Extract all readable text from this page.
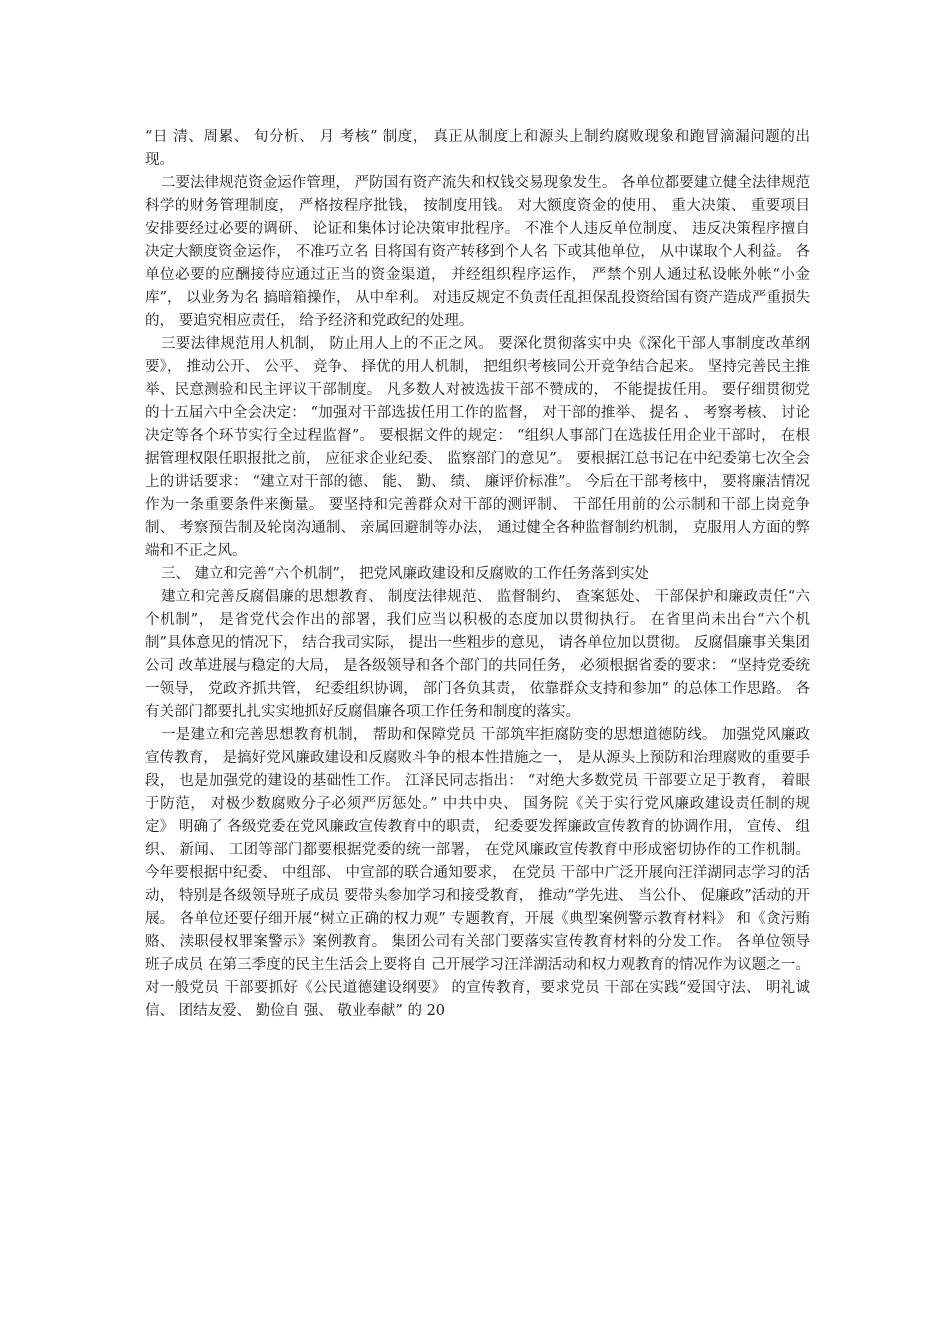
“日 清、周累、 旬分析、 月 考核” 制度， 真正从制度上和源头上制约腐败现象和跑冒滴漏问题的出现。

二要法律规范资金运作管理， 严防国有资产流失和权钱交易现象发生。 各单位都要建立健全法律规范科学的财务管理制度， 严格按程序批钱， 按制度用钱。 对大额度资金的使用、 重大决策、 重要项目 安排要经过必要的调研、 论证和集体讨论决策审批程序。 不准个人违反单位制度、 违反决策程序擅自 决定大额度资金运作， 不准巧立名 目将国有资产转移到个人名 下或其他单位， 从中谋取个人利益。 各单位必要的应酬接待应通过正当的资金渠道， 并经组织程序运作， 严禁个别人通过私设帐外帐“小金库”， 以业务为名 搞暗箱操作， 从中牟利。 对违反规定不负责任乱担保乱投资给国有资产造成严重损失的， 要追究相应责任， 给予经济和党政纪的处理。

三要法律规范用人机制， 防止用人上的不正之风。 要深化贯彻落实中央《深化干部人事制度改革纲要》， 推动公开、 公平、 竞争、 择优的用人机制， 把组织考核同公开竞争结合起来。 坚持完善民主推举、民意测验和民主评议干部制度。 凡多数人对被选拔干部不赞成的， 不能提拔任用。 要仔细贯彻党的十五届六中全会决定： “加强对干部选拔任用工作的监督， 对干部的推举、 提名 、 考察考核、 讨论决定等各个环节实行全过程监督”。 要根据文件的规定： “组织人事部门在选拔任用企业干部时， 在根据管理权限任职报批之前， 应征求企业纪委、 监察部门的意见”。 要根据江总书记在中纪委第七次全会上的讲话要求： “建立对干部的德、 能、 勤、 绩、 廉评价标准”。 今后在干部考核中， 要将廉洁情况作为一条重要条件来衡量。 要坚持和完善群众对干部的测评制、 干部任用前的公示制和干部上岗竞争制、 考察预告制及轮岗沟通制、 亲属回避制等办法， 通过健全各种监督制约机制， 克服用人方面的弊端和不正之风。

三、 建立和完善“六个机制”， 把党风廉政建设和反腐败的工作任务落到实处

建立和完善反腐倡廉的思想教育、 制度法律规范、 监督制约、 查案惩处、 干部保护和廉政责任“六个机制”， 是省党代会作出的部署，我们应当以积极的态度加以贯彻执行。 在省里尚未出台“六个机制”具体意见的情况下， 结合我司实际， 提出一些粗步的意见， 请各单位加以贯彻。 反腐倡廉事关集团公司 改革进展与稳定的大局， 是各级领导和各个部门的共同任务， 必须根据省委的要求： “坚持党委统一领导， 党政齐抓共管， 纪委组织协调， 部门各负其责， 依靠群众支持和参加” 的总体工作思路。 各有关部门都要扎扎实实地抓好反腐倡廉各项工作任务和制度的落实。

一是建立和完善思想教育机制， 帮助和保障党员 干部筑牢拒腐防变的思想道德防线。 加强党风廉政宣传教育， 是搞好党风廉政建设和反腐败斗争的根本性措施之一， 是从源头上预防和治理腐败的重要手段， 也是加强党的建设的基础性工作。 江泽民同志指出： “对绝大多数党员 干部要立足于教育， 着眼于防范， 对极少数腐败分子必须严厉惩处。” 中共中央、 国务院《关于实行党风廉政建设责任制的规定》 明确了 各级党委在党风廉政宣传教育中的职责， 纪委要发挥廉政宣传教育的协调作用， 宣传、 组织、 新闻、 工团等部门都要根据党委的统一部署， 在党风廉政宣传教育中形成密切协作的工作机制。 今年要根据中纪委、 中组部、 中宣部的联合通知要求， 在党员 干部中广泛开展向汪洋湖同志学习的活动， 特别是各级领导班子成员 要带头参加学习和接受教育， 推动“学先进、 当公仆、 促廉政”活动的开展。 各单位还要仔细开展“树立正确的权力观” 专题教育，开展《典型案例警示教育材料》 和《贪污贿赂、 渎职侵权罪案警示》案例教育。 集团公司有关部门要落实宣传教育材料的分发工作。 各单位领导班子成员 在第三季度的民主生活会上要将自 己开展学习汪洋湖活动和权力观教育的情况作为议题之一。 对一般党员 干部要抓好《公民道德建设纲要》 的宣传教育，要求党员 干部在实践“爱国守法、 明礼诚信、 团结友爱、 勤俭自 强、 敬业奉献” 的 20
